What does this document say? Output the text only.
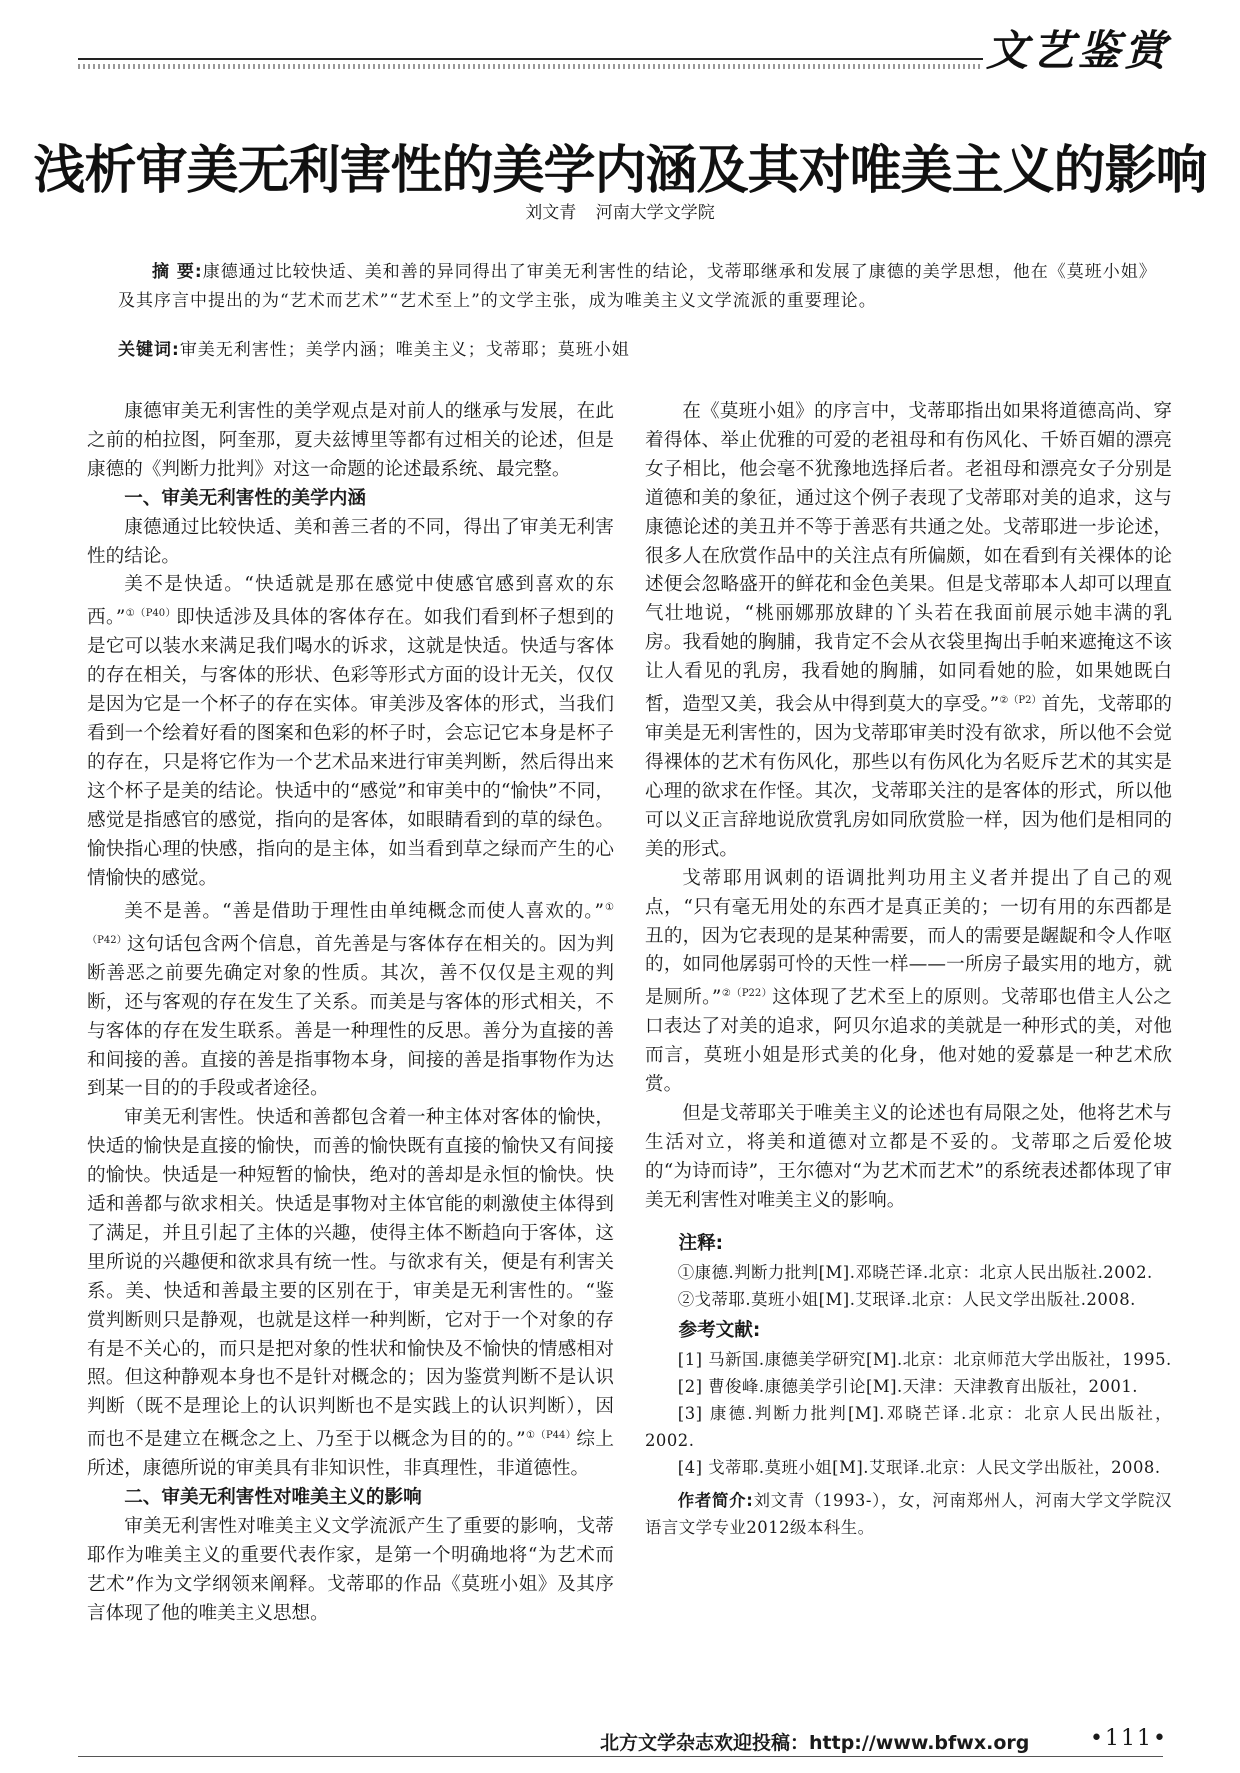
文艺鉴赏
浅析审美无利害性的美学内涵及其对唯美主义的影响
刘文青 河南大学文学院
摘 要:康德通过比较快适、美和善的异同得出了审美无利害性的结论，戈蒂耶继承和发展了康德的美学思想，他在《莫班小姐》及其序言中提出的为“艺术而艺术”“艺术至上”的文学主张，成为唯美主义文学流派的重要理论。
关键词:审美无利害性；美学内涵；唯美主义；戈蒂耶；莫班小姐

康德审美无利害性的美学观点是对前人的继承与发展，在此之前的柏拉图，阿奎那，夏夫兹博里等都有过相关的论述，但是康德的《判断力批判》对这一命题的论述最系统、最完整。

一、审美无利害性的美学内涵

康德通过比较快适、美和善三者的不同，得出了审美无利害性的结论。

美不是快适。“快适就是那在感觉中使感官感到喜欢的东西。”$^{①(P40)}$即快适涉及具体的客体存在。如我们看到杯子想到的是它可以装水来满足我们喝水的诉求，这就是快适。快适与客体的存在相关，与客体的形状、色彩等形式方面的设计无关，仅仅是因为它是一个杯子的存在实体。审美涉及客体的形式，当我们看到一个绘着好看的图案和色彩的杯子时，会忘记它本身是杯子的存在，只是将它作为一个艺术品来进行审美判断，然后得出来这个杯子是美的结论。快适中的“感觉”和审美中的“愉快”不同，感觉是指感官的感觉，指向的是客体，如眼睛看到的草的绿色。愉快指心理的快感，指向的是主体，如当看到草之绿而产生的心情愉快的感觉。

美不是善。“善是借助于理性由单纯概念而使人喜欢的。”$^{①(P42)}$这句话包含两个信息，首先善是与客体存在相关的。因为判断善恶之前要先确定对象的性质。其次，善不仅仅是主观的判断，还与客观的存在发生了关系。而美是与客体的形式相关，不与客体的存在发生联系。善是一种理性的反思。善分为直接的善和间接的善。直接的善是指事物本身，间接的善是指事物作为达到某一目的的手段或者途径。

审美无利害性。快适和善都包含着一种主体对客体的愉快，快适的愉快是直接的愉快，而善的愉快既有直接的愉快又有间接的愉快。快适是一种短暂的愉快，绝对的善却是永恒的愉快。快适和善都与欲求相关。快适是事物对主体官能的刺激使主体得到了满足，并且引起了主体的兴趣，使得主体不断趋向于客体，这里所说的兴趣便和欲求具有统一性。与欲求有关，便是有利害关系。美、快适和善最主要的区别在于，审美是无利害性的。“鉴赏判断则只是静观，也就是这样一种判断，它对于一个对象的存有是不关心的，而只是把对象的性状和愉快及不愉快的情感相对照。但这种静观本身也不是针对概念的；因为鉴赏判断不是认识判断（既不是理论上的认识判断也不是实践上的认识判断），因而也不是建立在概念之上、乃至于以概念为目的的。”$^{①(P44)}$综上所述，康德所说的审美具有非知识性，非真理性，非道德性。

二、审美无利害性对唯美主义的影响

审美无利害性对唯美主义文学流派产生了重要的影响，戈蒂耶作为唯美主义的重要代表作家，是第一个明确地将“为艺术而艺术”作为文学纲领来阐释。戈蒂耶的作品《莫班小姐》及其序言体现了他的唯美主义思想。

在《莫班小姐》的序言中，戈蒂耶指出如果将道德高尚、穿着得体、举止优雅的可爱的老祖母和有伤风化、千娇百媚的漂亮女子相比，他会毫不犹豫地选择后者。老祖母和漂亮女子分别是道德和美的象征，通过这个例子表现了戈蒂耶对美的追求，这与康德论述的美丑并不等于善恶有共通之处。戈蒂耶进一步论述，很多人在欣赏作品中的关注点有所偏颇，如在看到有关裸体的论述便会忽略盛开的鲜花和金色美果。但是戈蒂耶本人却可以理直气壮地说，“桃丽娜那放肆的丫头若在我面前展示她丰满的乳房。我看她的胸脯，我肯定不会从衣袋里掏出手帕来遮掩这不该让人看见的乳房，我看她的胸脯，如同看她的脸，如果她既白皙，造型又美，我会从中得到莫大的享受。”$^{②(P2)}$首先，戈蒂耶的审美是无利害性的，因为戈蒂耶审美时没有欲求，所以他不会觉得裸体的艺术有伤风化，那些以有伤风化为名贬斥艺术的其实是心理的欲求在作怪。其次，戈蒂耶关注的是客体的形式，所以他可以义正言辞地说欣赏乳房如同欣赏脸一样，因为他们是相同的美的形式。

戈蒂耶用讽刺的语调批判功用主义者并提出了自己的观点，“只有毫无用处的东西才是真正美的；一切有用的东西都是丑的，因为它表现的是某种需要，而人的需要是龌龊和令人作呕的，如同他孱弱可怜的天性一样——一所房子最实用的地方，就是厕所。”$^{②(P22)}$这体现了艺术至上的原则。戈蒂耶也借主人公之口表达了对美的追求，阿贝尔追求的美就是一种形式的美，对他而言，莫班小姐是形式美的化身，他对她的爱慕是一种艺术欣赏。

但是戈蒂耶关于唯美主义的论述也有局限之处，他将艺术与生活对立，将美和道德对立都是不妥的。戈蒂耶之后爱伦坡的“为诗而诗”，王尔德对“为艺术而艺术”的系统表述都体现了审美无利害性对唯美主义的影响。

注释:

①康德.判断力批判[M].邓晓芒译.北京：北京人民出版社.2002.

②戈蒂耶.莫班小姐[M].艾珉译.北京：人民文学出版社.2008.

参考文献:

[1] 马新国.康德美学研究[M].北京：北京师范大学出版社，1995.

[2] 曹俊峰.康德美学引论[M].天津：天津教育出版社，2001.

[3] 康德.判断力批判[M].邓晓芒译.北京：北京人民出版社，2002.

[4] 戈蒂耶.莫班小姐[M].艾珉译.北京：人民文学出版社，2008.

作者简介:刘文青（1993-），女，河南郑州人，河南大学文学院汉语言文学专业2012级本科生。

北方文学杂志欢迎投稿：http://www.bfwx.org	•111•
